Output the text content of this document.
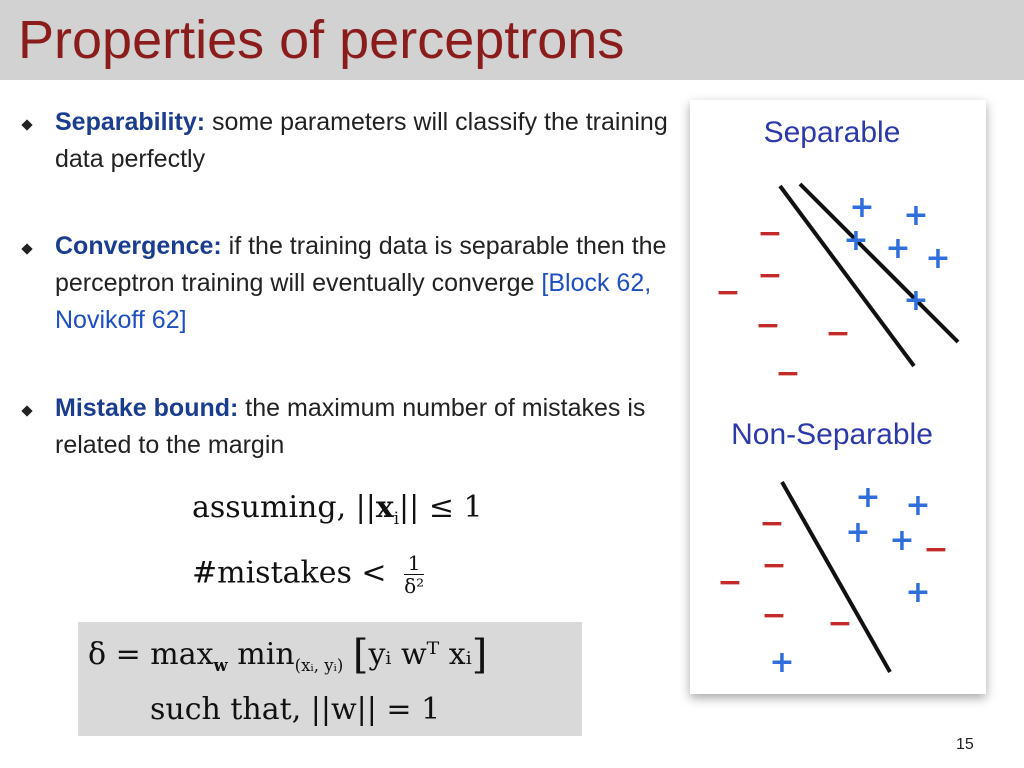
Properties of perceptrons
Separability: some parameters will classify the training data perfectly
Convergence: if the training data is separable then the perceptron training will eventually converge [Block 62, Novikoff 62]
Mistake bound: the maximum number of mistakes is related to the margin
assuming, $||x_i|| \le 1$
#mistakes < $\frac{1}{\text{δ²}}$
$\delta = \max_w \min_{(xᵢ, yᵢ)}$ [yᵢ wᵀ xᵢ]
such that, ||w|| = 1
Separable
+ +
+ + +
+
−
−
−
− −
−
Non-Separable
+ +
+ +
+
+
−
−
−
−
− −
15
